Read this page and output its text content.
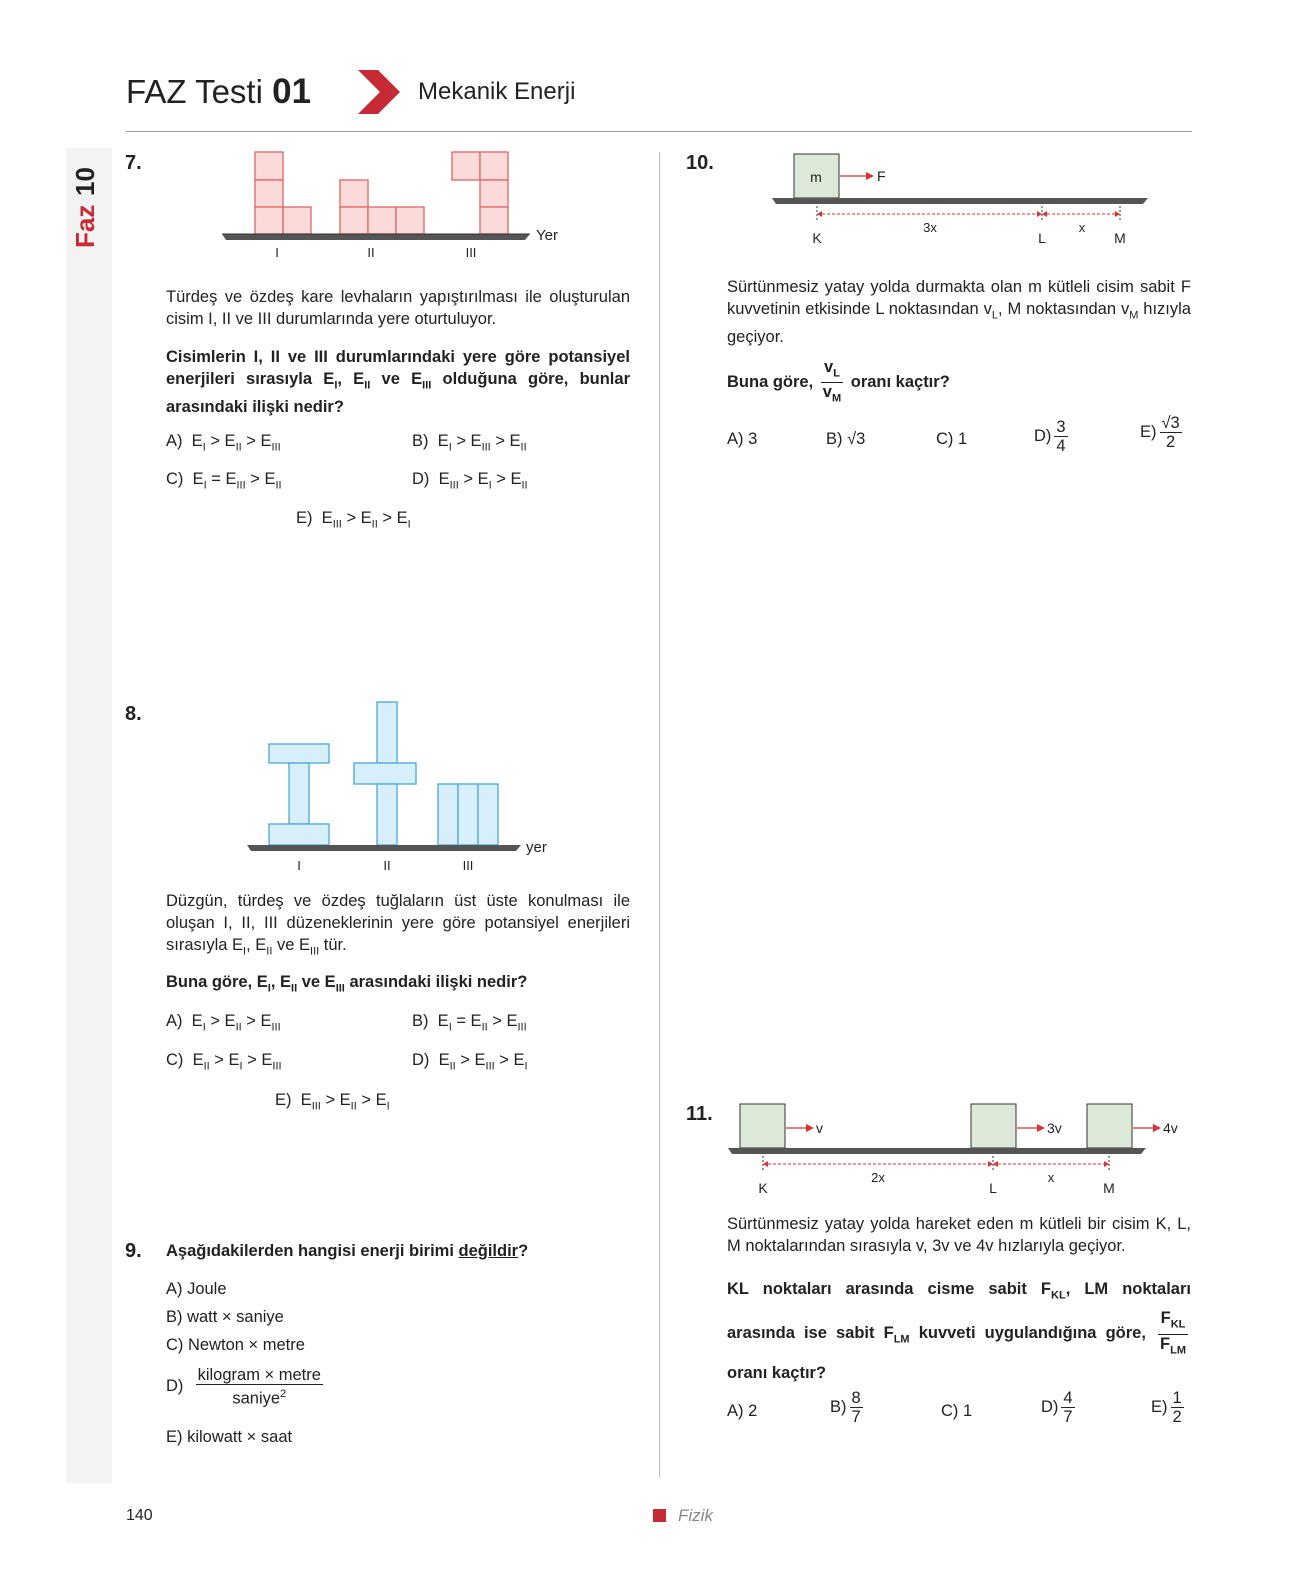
FAZ Testi 01	Mekanik Enerji
Faz
10
7.
Yer
I	II	III
Türdeş ve özdeş kare levhaların yapıştırılması ile oluşturulan cisim I, II ve III durumlarında yere oturtuluyor.
Cisimlerin I, II ve III durumlarındaki yere göre potansiyel enerjileri sırasıyla $E_I$, $E_{II}$ ve $E_{III}$ olduğuna göre, bunlar arasındaki ilişki nedir?
A)  $E_I > E_{II} > E_{III}$	B)  $E_I > E_{III} > E_{II}$
C)  $E_I = E_{III} > E_{II}$	D)  $E_{III} > E_I > E_{II}$
E)  $E_{III} > E_{II} > E_I$
8.
yer
I	II	III
Düzgün, türdeş ve özdeş tuğlaların üst üste konulması ile oluşan I, II, III düzeneklerinin yere göre potansiyel enerjileri sırasıyla $E_I$, $E_{II}$ ve $E_{III}$ tür.
Buna göre, $E_I$, $E_{II}$ ve $E_{III}$ arasındaki ilişki nedir?
A)  $E_I > E_{II} > E_{III}$	B)  $E_I = E_{II} > E_{III}$
C)  $E_{II} > E_I > E_{III}$	D)  $E_{II} > E_{III} > E_I$
E)  $E_{III} > E_{II} > E_I$
9. Aşağıdakilerden hangisi enerji birimi değildir?
A) Joule
B) watt × saniye
C) Newton × metre
$D) \frac{\text{kilogram × metre}}{saniye^2}$
E) kilowatt × saat
10.
m	F
3x	x
K	L	M
Sürtünmesiz yatay yolda durmakta olan m kütleli cisim sabit F kuvvetinin etkisinde L noktasından $v_L$, M noktasından $v_M$ hızıyla geçiyor.
Buna göre, $\frac{v_L}{v_M}$ oranı kaçtır?
A) 3	B) √3	C) 1	$D) \frac{3}{4}$	$E) \frac{√3}{2}$
11.
v	3v	4v
2x	x
K	L	M
Sürtünmesiz yatay yolda hareket eden m kütleli bir cisim K, L, M noktalarından sırasıyla v, 3v ve 4v hızlarıyla geçiyor.
KL noktaları arasında cisme sabit $F_{KL}$, LM noktaları arasında ise sabit $F_{LM}$ kuvveti uygulandığına göre, $\frac{F_{KL}}{F_{LM}}$
oranı kaçtır?
A) 2	$B) \frac{8}{7}$	C) 1	$D) \frac{4}{7}$	$E) \frac{1}{2}$
140	Fizik
